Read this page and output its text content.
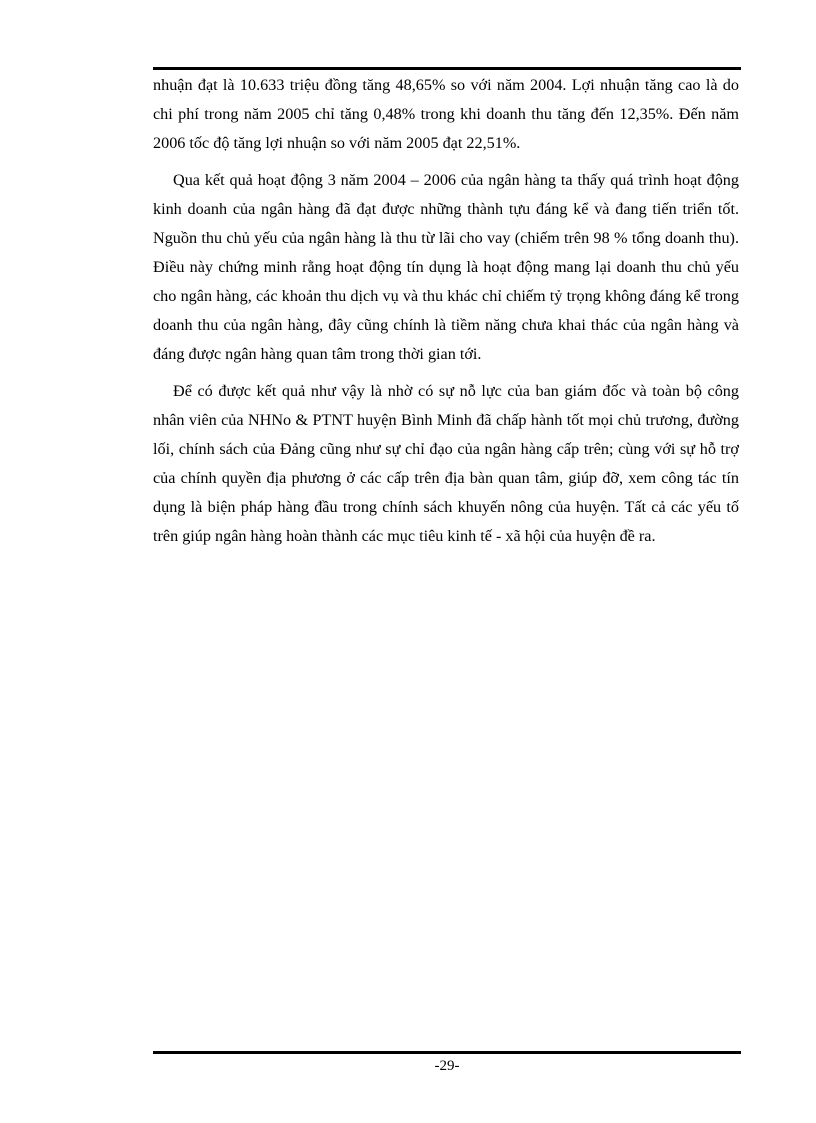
nhuận đạt là 10.633 triệu đồng tăng 48,65% so với năm 2004. Lợi nhuận tăng cao là do chi phí trong năm 2005 chỉ tăng 0,48% trong khi doanh thu tăng đến 12,35%. Đến năm 2006 tốc độ tăng lợi nhuận so với năm 2005 đạt 22,51%.

Qua kết quả hoạt động 3 năm 2004 – 2006 của ngân hàng ta thấy quá trình hoạt động kinh doanh của ngân hàng đã đạt được những thành tựu đáng kể và đang tiến triển tốt. Nguồn thu chủ yếu của ngân hàng là thu từ lãi cho vay (chiếm trên 98 % tổng doanh thu). Điều này chứng minh rằng hoạt động tín dụng là hoạt động mang lại doanh thu chủ yếu cho ngân hàng, các khoản thu dịch vụ và thu khác chỉ chiếm tỷ trọng không đáng kể trong doanh thu của ngân hàng, đây cũng chính là tiềm năng chưa khai thác của ngân hàng và đáng được ngân hàng quan tâm trong thời gian tới.

Để có được kết quả như vậy là nhờ có sự nỗ lực của ban giám đốc và toàn bộ công nhân viên của NHNo & PTNT huyện Bình Minh đã chấp hành tốt mọi chủ trương, đường lối, chính sách của Đảng cũng như sự chỉ đạo của ngân hàng cấp trên; cùng với sự hỗ trợ của chính quyền địa phương ở các cấp trên địa bàn quan tâm, giúp đỡ, xem công tác tín dụng là biện pháp hàng đầu trong chính sách khuyến nông của huyện. Tất cả các yếu tố trên giúp ngân hàng hoàn thành các mục tiêu kinh tế - xã hội của huyện đề ra.

-29-
